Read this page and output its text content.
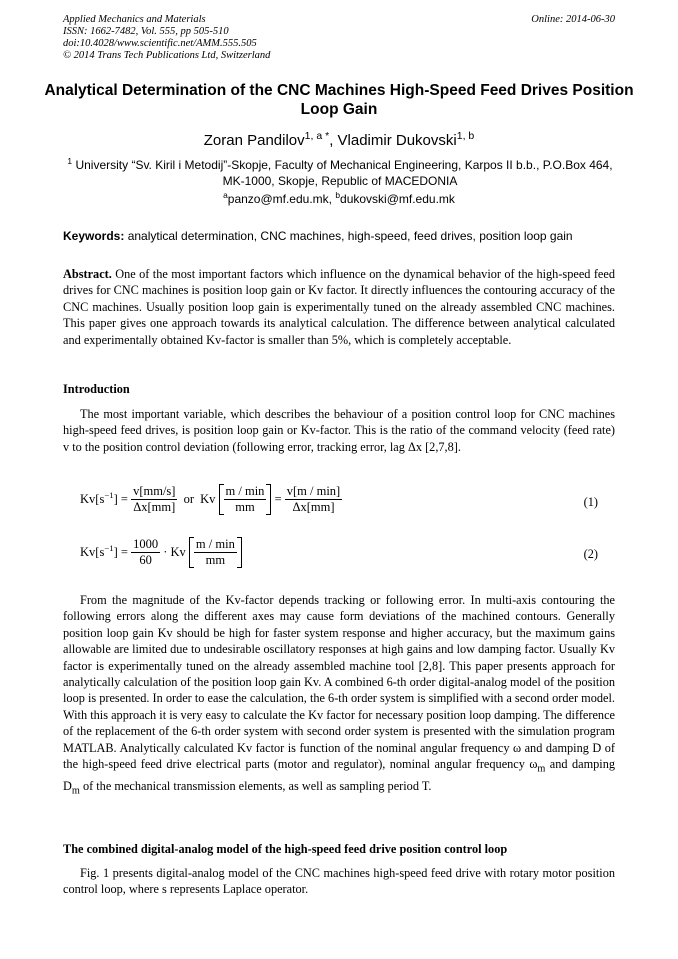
Applied Mechanics and Materials
ISSN: 1662-7482, Vol. 555, pp 505-510
doi:10.4028/www.scientific.net/AMM.555.505
© 2014 Trans Tech Publications Ltd, Switzerland
Online: 2014-06-30
Analytical Determination of the CNC Machines High-Speed Feed Drives Position Loop Gain
Zoran Pandilov$^{1, a *}$, Vladimir Dukovski$^{1, b}$
$^1$ University “Sv. Kiril i Metodij”-Skopje, Faculty of Mechanical Engineering, Karpos II b.b., P.O.Box 464, MK-1000, Skopje, Republic of MACEDONIA
$^a$panzo@mf.edu.mk, $^b$dukovski@mf.edu.mk
Keywords: analytical determination, CNC machines, high-speed, feed drives, position loop gain
Abstract. One of the most important factors which influence on the dynamical behavior of the high-speed feed drives for CNC machines is position loop gain or Kv factor. It directly influences the contouring accuracy of the CNC machines. Usually position loop gain is experimentally tuned on the already assembled CNC machines. This paper gives one approach towards its analytical calculation. The difference between analytical calculated and experimentally obtained Kv-factor is smaller than 5%, which is completely acceptable.
Introduction
The most important variable, which describes the behaviour of a position control loop for CNC machines high-speed feed drives, is position loop gain or Kv-factor. This is the ratio of the command velocity (feed rate) v to the position control deviation (following error, tracking error, lag Δx [2,7,8].
$Kv[s^{-1}] = \frac{v[mm/s]}{\Delta x[mm]}$ or Kv $\frac{m / \min}{mm} = \frac{v[m / \min]}{\Delta x[mm]}$	(1)
$Kv[s^{-1}] = \frac{1000}{60} \cdot Kv \frac{m / \min}{mm}$	(2)
From the magnitude of the Kv-factor depends tracking or following error. In multi-axis contouring the following errors along the different axes may cause form deviations of the machined contours. Generally position loop gain Kv should be high for faster system response and higher accuracy, but the maximum gains allowable are limited due to undesirable oscillatory responses at high gains and low damping factor. Usually Kv factor is experimentally tuned on the already assembled machine tool [2,8]. This paper presents approach for analytically calculation of the position loop gain Kv. A combined 6-th order digital-analog model of the position loop is presented. In order to ease the calculation, the 6-th order system is simplified with a second order model. With this approach it is very easy to calculate the Kv factor for necessary position loop damping. The difference of the replacement of the 6-th order system with second order system is presented with the simulation program MATLAB. Analytically calculated Kv factor is function of the nominal angular frequency ω and damping D of the high-speed feed drive electrical parts (motor and regulator), nominal angular frequency $\omega_m$ and damping $D_m$ of the mechanical transmission elements, as well as sampling period T.
The combined digital-analog model of the high-speed feed drive position control loop
Fig. 1 presents digital-analog model of the CNC machines high-speed feed drive with rotary motor position control loop, where s represents Laplace operator.
